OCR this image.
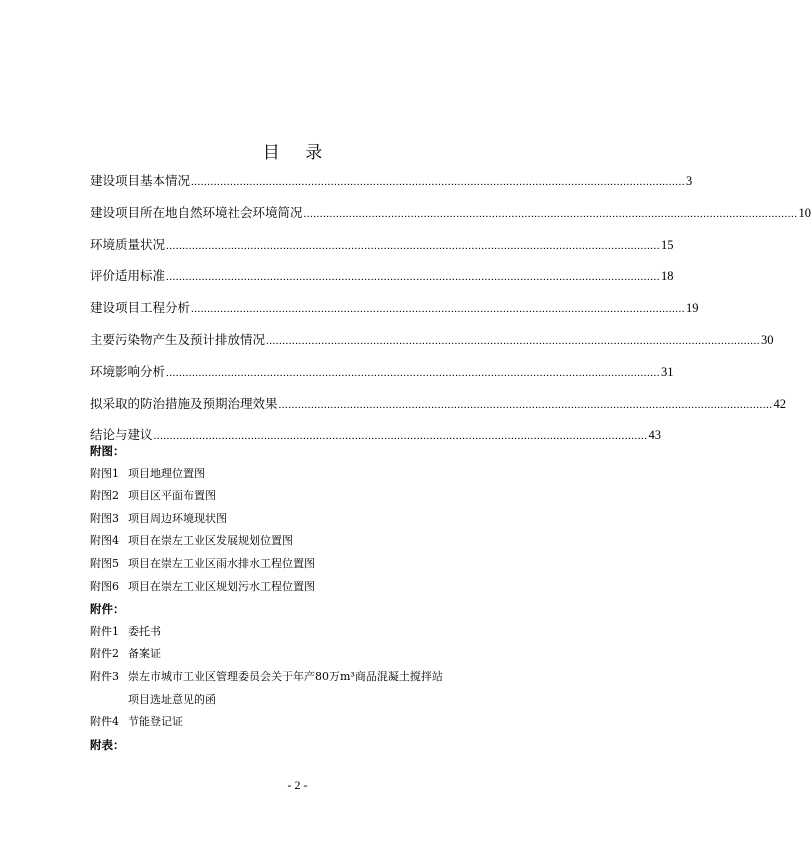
目 录
建设项目基本情况 ........................................................................................................................................................ 3
建设项目所在地自然环境社会环境简况 ........................................................................................................................................................ 10
环境质量状况 ........................................................................................................................................................ 15
评价适用标准 ........................................................................................................................................................ 18
建设项目工程分析 ........................................................................................................................................................ 19
主要污染物产生及预计排放情况 ........................................................................................................................................................ 30
环境影响分析 ........................................................................................................................................................ 31
拟采取的防治措施及预期治理效果 ........................................................................................................................................................ 42
结论与建议 ........................................................................................................................................................ 43
附图：
附图1 项目地理位置图
附图2 项目区平面布置图
附图3 项目周边环境现状图
附图4 项目在崇左工业区发展规划位置图
附图5 项目在崇左工业区雨水排水工程位置图
附图6 项目在崇左工业区规划污水工程位置图
附件：
附件1 委托书
附件2 备案证
附件3 崇左市城市工业区管理委员会关于年产80万m³商品混凝土搅拌站
项目选址意见的函
附件4 节能登记证
附表：
- 2 -
